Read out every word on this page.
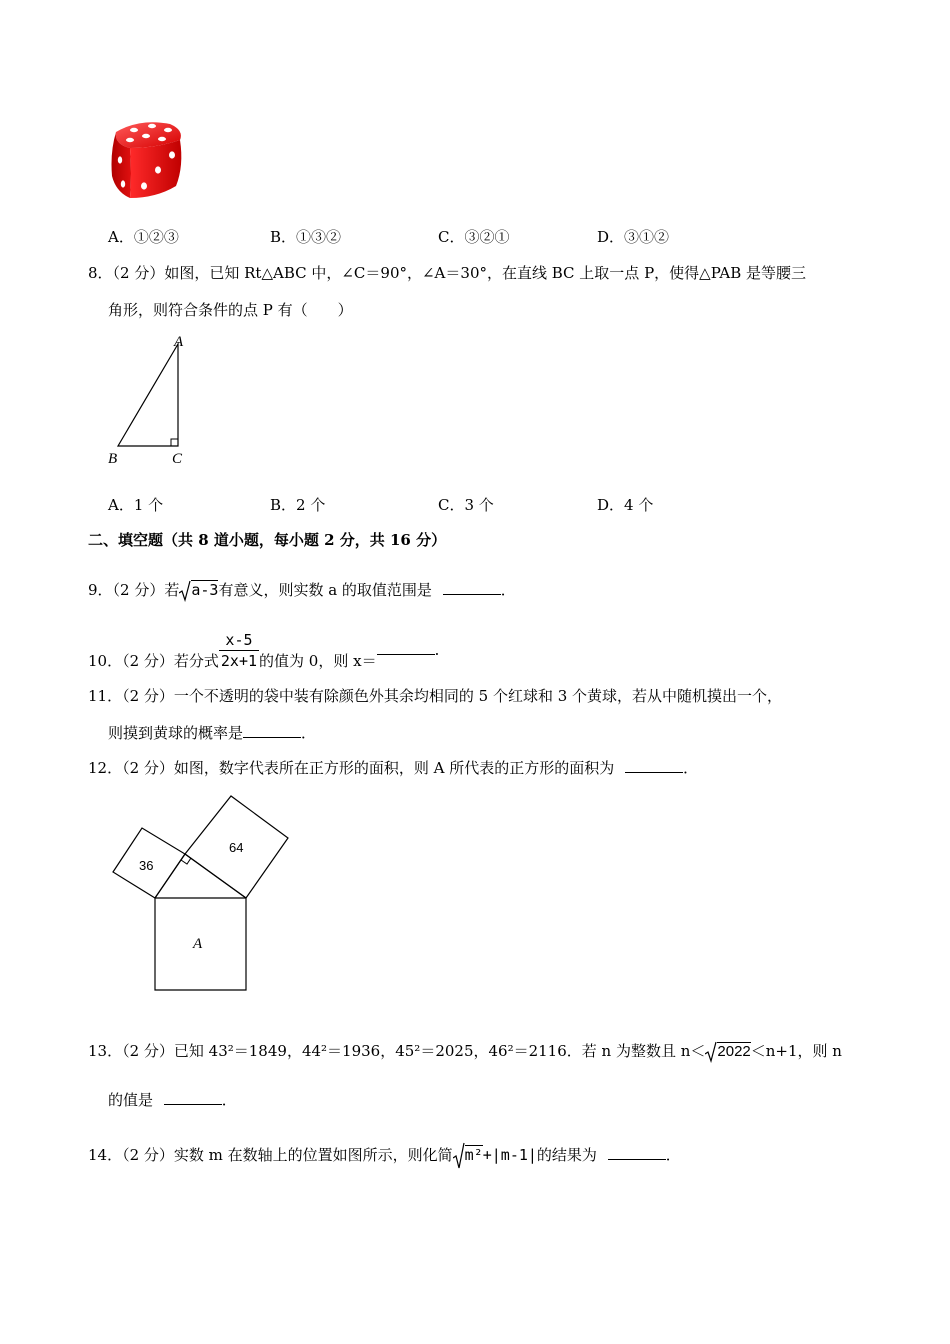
A．①②③	B．①③②	C．③②①	D．③①②
8．（2 分）如图，已知 Rt△ABC 中，∠C＝90°，∠A＝30°，在直线 BC 上取一点 P，使得△PAB 是等腰三
角形，则符合条件的点 P 有（　　）
A
B	C
A．1 个	B．2 个	C．3 个	D．4 个
二、填空题（共 8 道小题，每小题 2 分，共 16 分）
9．（2 分）若 a-3有意义，则实数 a 的取值范围是	．
10．（2 分）若分式 $\frac{x-5}{2x+1}$ 的值为 0，则 x＝．
11．（2 分）一个不透明的袋中装有除颜色外其余均相同的 5 个红球和 3 个黄球，若从中随机摸出一个，
则摸到黄球的概率是	．
12．（2 分）如图，数字代表所在正方形的面积，则 A 所代表的正方形的面积为	．
36
64
A
13．（2 分）已知 43²＝1849，44²＝1936，45²＝2025，46²＝2116．若 n 为整数且 n＜ 2022＜n+1，则 n
的值是	．
14．（2 分）实数 m 在数轴上的位置如图所示，则化简 m²+|m-1|的结果为	．
